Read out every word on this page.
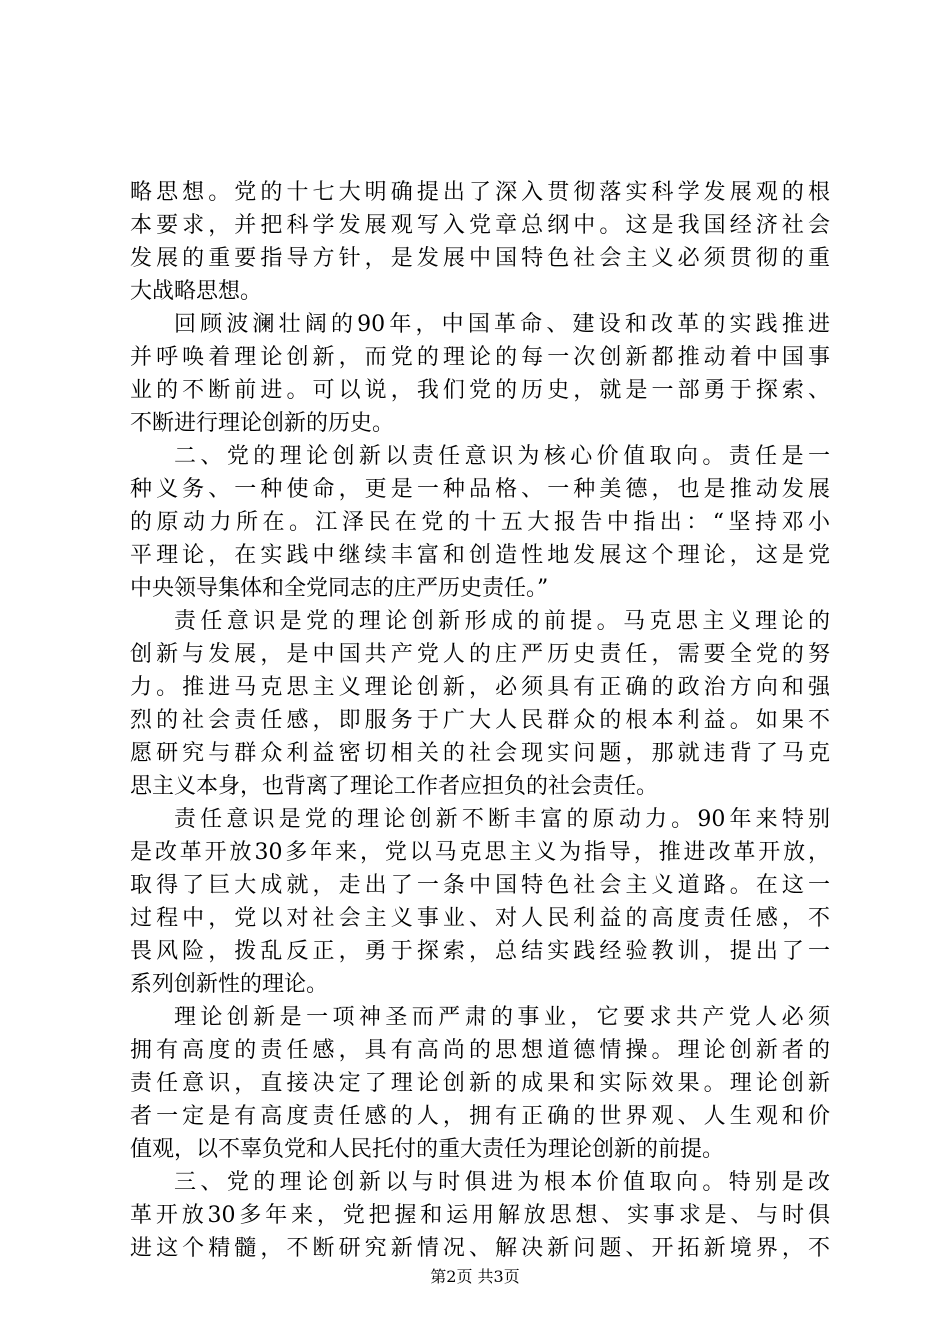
略思想。党的十七大明确提出了深入贯彻落实科学发展观的根
本要求，并把科学发展观写入党章总纲中。这是我国经济社会
发展的重要指导方针，是发展中国特色社会主义必须贯彻的重
大战略思想。
回顾波澜壮阔的90年，中国革命、建设和改革的实践推进
并呼唤着理论创新，而党的理论的每一次创新都推动着中国事
业的不断前进。可以说，我们党的历史，就是一部勇于探索、
不断进行理论创新的历史。
二、党的理论创新以责任意识为核心价值取向。责任是一
种义务、一种使命，更是一种品格、一种美德，也是推动发展
的原动力所在。江泽民在党的十五大报告中指出：“坚持邓小
平理论，在实践中继续丰富和创造性地发展这个理论，这是党
中央领导集体和全党同志的庄严历史责任。”
责任意识是党的理论创新形成的前提。马克思主义理论的
创新与发展，是中国共产党人的庄严历史责任，需要全党的努
力。推进马克思主义理论创新，必须具有正确的政治方向和强
烈的社会责任感，即服务于广大人民群众的根本利益。如果不
愿研究与群众利益密切相关的社会现实问题，那就违背了马克
思主义本身，也背离了理论工作者应担负的社会责任。
责任意识是党的理论创新不断丰富的原动力。90年来特别
是改革开放30多年来，党以马克思主义为指导，推进改革开放，
取得了巨大成就，走出了一条中国特色社会主义道路。在这一
过程中，党以对社会主义事业、对人民利益的高度责任感，不
畏风险，拨乱反正，勇于探索，总结实践经验教训，提出了一
系列创新性的理论。
理论创新是一项神圣而严肃的事业，它要求共产党人必须
拥有高度的责任感，具有高尚的思想道德情操。理论创新者的
责任意识，直接决定了理论创新的成果和实际效果。理论创新
者一定是有高度责任感的人，拥有正确的世界观、人生观和价
值观，以不辜负党和人民托付的重大责任为理论创新的前提。
三、党的理论创新以与时俱进为根本价值取向。特别是改
革开放30多年来，党把握和运用解放思想、实事求是、与时俱
进这个精髓，不断研究新情况、解决新问题、开拓新境界，不
第2页 共3页
